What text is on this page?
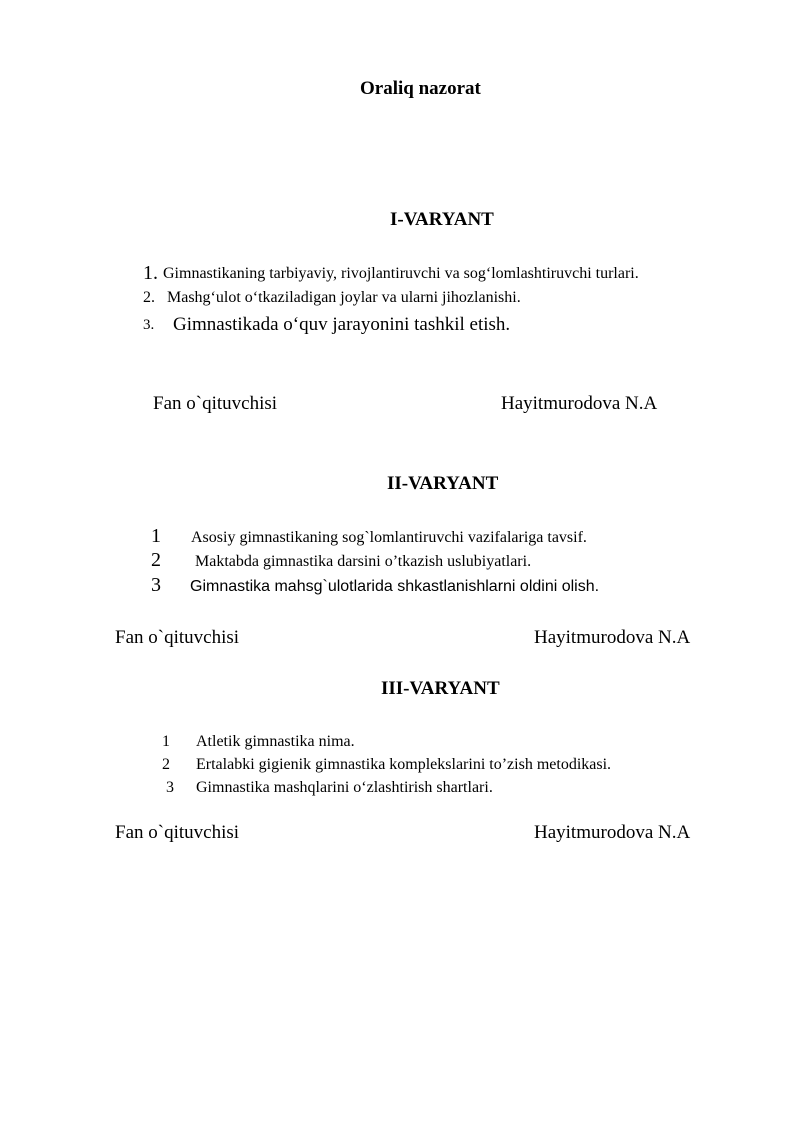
Oraliq nazorat
I-VARYANT
1. Gimnastikaning tarbiyaviy, rivojlantiruvchi va sog‘lomlashtiruvchi turlari.
2. Mashg‘ulot o‘tkaziladigan joylar va ularni jihozlanishi.
3. Gimnastikada o‘quv jarayonini tashkil etish.
Fan o`qituvchisi	Hayitmurodova N.A
II-VARYANT
1 Asosiy gimnastikaning sog`lomlantiruvchi vazifalariga tavsif.
2 Maktabda gimnastika darsini o’tkazish uslubiyatlari.
3 Gimnastika mahsg`ulotlarida shkastlanishlarni oldini olish.
Fan o`qituvchisi	Hayitmurodova N.A
III-VARYANT
1 Atletik gimnastika nima.
2 Ertalabki gigienik gimnastika komplekslarini to’zish metodikasi.
3 Gimnastika mashqlarini o‘zlashtirish shartlari.
Fan o`qituvchisi	Hayitmurodova N.A
